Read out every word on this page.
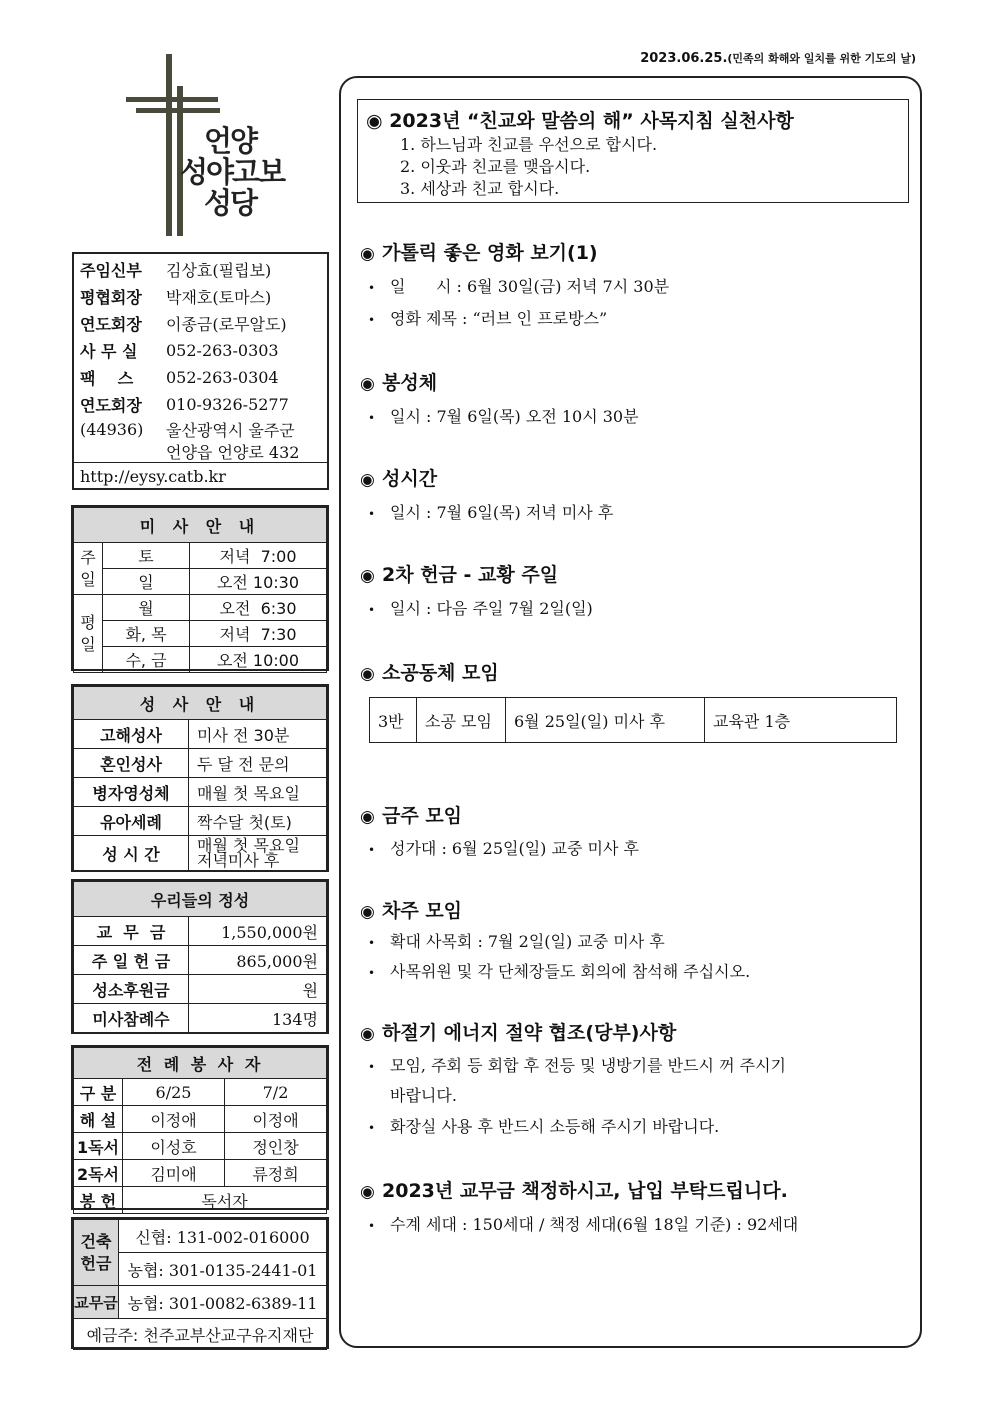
2023.06.25.(민족의 화해와 일치를 위한 기도의 날)
언양
성야고보
성당
주임신부	김상효(필립보)
평협회장	박재호(토마스)
연도회장	이종금(로무알도)
사 무 실	052-263-0303
팩    스	052-263-0304
연도회장	010-9326-5277
(44936)	울산광역시 울주군
언양읍 언양로 432
http://eysy.catb.kr
미 사 안 내		
주
일	토	저녁  7:00
	일	오전 10:30
평
일	월	오전  6:30
	화, 목	저녁  7:30
	수, 금	오전 10:00
성 사 안 내	
고해성사	미사 전 30분
혼인성사	두 달 전 문의
병자영성체	매월 첫 목요일
유아세례	짝수달 첫(토)
성 시 간	매월 첫 목요일
저녁미사 후
우리들의 정성	
교  무  금	1,550,000원
주 일 헌 금	865,000원
성소후원금	원
미사참례수	134명
전 례 봉 사 자		
구 분	6/25	7/2
해 설	이정애	이정애
1독서	이성호	정인창
2독서	김미애	류정희
봉 헌	독서자	
건축
헌금	신협: 131-002-016000
	농협: 301-0135-2441-01
교무금	농협: 301-0082-6389-11
예금주: 천주교부산교구유지재단	
◉ 2023년 “친교와 말씀의 해” 사목지침 실천사항
1. 하느님과 친교를 우선으로 합시다.
2. 이웃과 친교를 맺읍시다.
3. 세상과 친교 합시다.
◉ 가톨릭 좋은 영화 보기(1)
• 일      시 : 6월 30일(금) 저녁 7시 30분
• 영화 제목 : “러브 인 프로방스”
◉ 봉성체
• 일시 : 7월 6일(목) 오전 10시 30분
◉ 성시간
• 일시 : 7월 6일(목) 저녁 미사 후
◉ 2차 헌금 - 교황 주일
• 일시 : 다음 주일 7월 2일(일)
◉ 소공동체 모임
3반	소공 모임	6월 25일(일) 미사 후	교육관 1층
◉ 금주 모임
• 성가대 : 6월 25일(일) 교중 미사 후
◉ 차주 모임
• 확대 사목회 : 7월 2일(일) 교중 미사 후
• 사목위원 및 각 단체장들도 회의에 참석해 주십시오.
◉ 하절기 에너지 절약 협조(당부)사항
• 모임, 주회 등 회합 후 전등 및 냉방기를 반드시 꺼 주시기
바랍니다.
• 화장실 사용 후 반드시 소등해 주시기 바랍니다.
◉ 2023년 교무금 책정하시고, 납입 부탁드립니다.
• 수계 세대 : 150세대 / 책정 세대(6월 18일 기준) : 92세대
